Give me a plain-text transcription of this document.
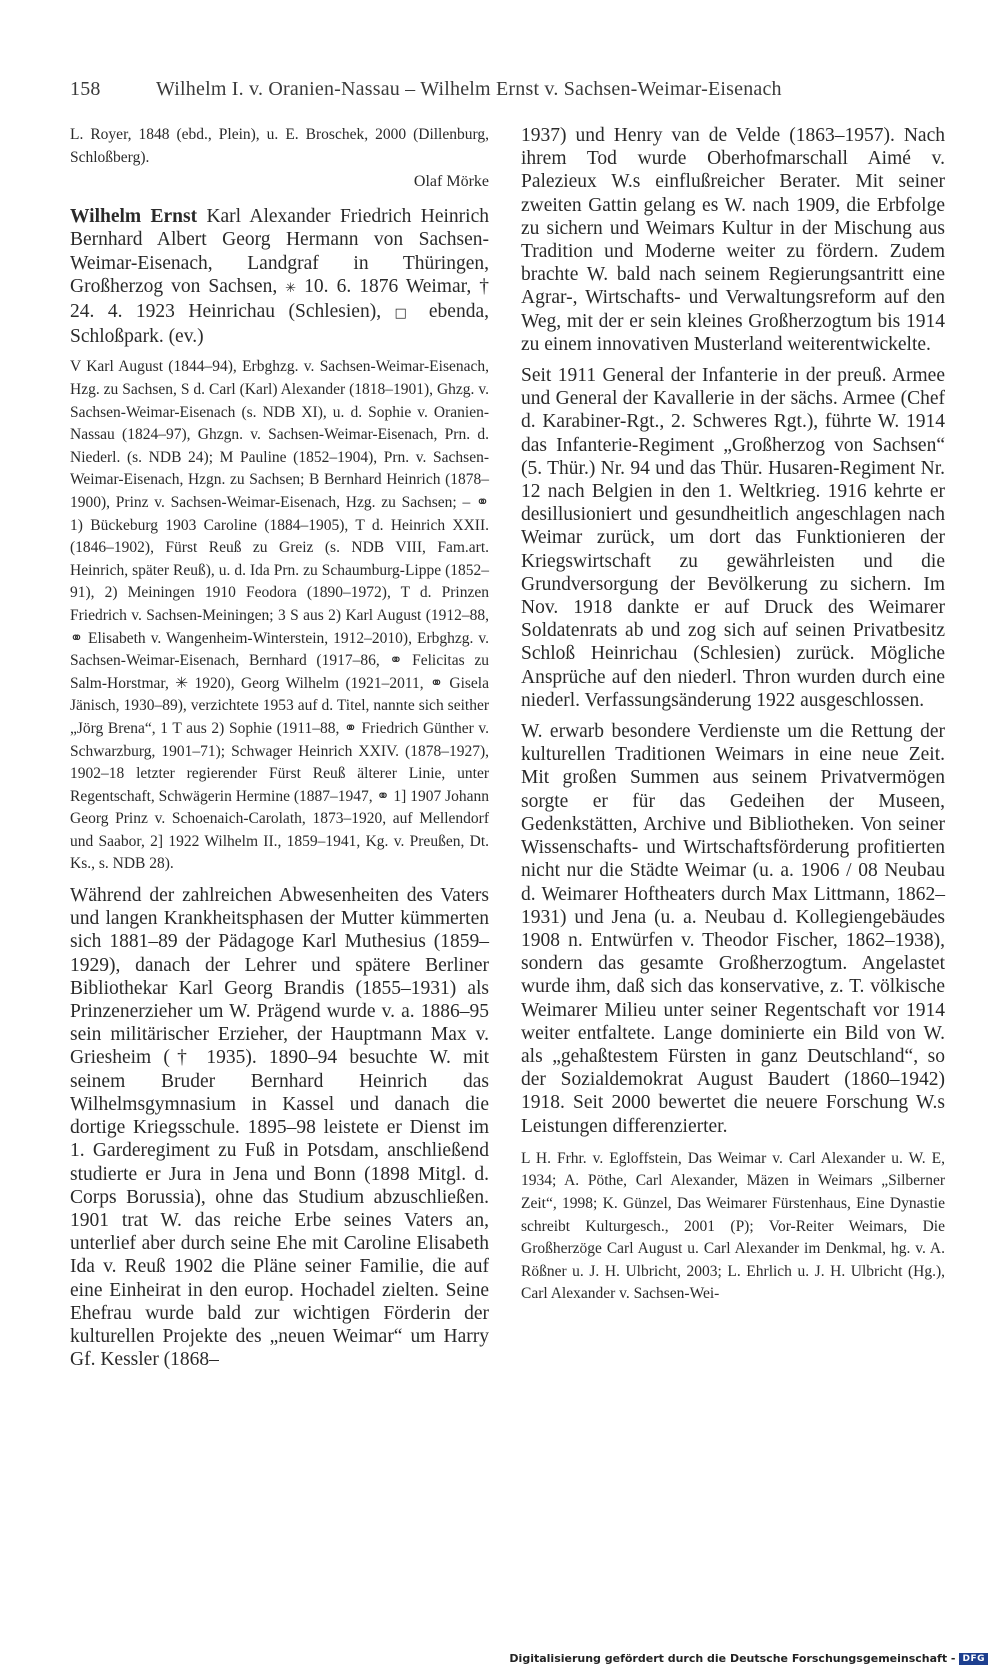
158	Wilhelm I. v. Oranien-Nassau – Wilhelm Ernst v. Sachsen-Weimar-Eisenach

L. Royer, 1848 (ebd., Plein), u. E. Broschek, 2000 (Dillenburg, Schloßberg).

Olaf Mörke

Wilhelm Ernst Karl Alexander Friedrich Heinrich Bernhard Albert Georg Hermann von Sachsen-Weimar-Eisenach, Landgraf in Thüringen, Großherzog von Sachsen, ✳ 10. 6. 1876 Weimar, † 24. 4. 1923 Heinrichau (Schlesien), □ ebenda, Schloßpark. (ev.)

V Karl August (1844–94), Erbghzg. v. Sachsen-Weimar-Eisenach, Hzg. zu Sachsen, S d. Carl (Karl) Alexander (1818–1901), Ghzg. v. Sachsen-Weimar-Eisenach (s. NDB XI), u. d. Sophie v. Oranien-Nassau (1824–97), Ghzgn. v. Sachsen-Weimar-Eisenach, Prn. d. Niederl. (s. NDB 24); M Pauline (1852–1904), Prn. v. Sachsen-Weimar-Eisenach, Hzgn. zu Sachsen; B Bernhard Heinrich (1878–1900), Prinz v. Sachsen-Weimar-Eisenach, Hzg. zu Sachsen; – ⚭ 1) Bückeburg 1903 Caroline (1884–1905), T d. Heinrich XXII. (1846–1902), Fürst Reuß zu Greiz (s. NDB VIII, Fam.art. Heinrich, später Reuß), u. d. Ida Prn. zu Schaumburg-Lippe (1852–91), 2) Meiningen 1910 Feodora (1890–1972), T d. Prinzen Friedrich v. Sachsen-Meiningen; 3 S aus 2) Karl August (1912–88, ⚭ Elisabeth v. Wangenheim-Winterstein, 1912–2010), Erbghzg. v. Sachsen-Weimar-Eisenach, Bernhard (1917–86, ⚭ Felicitas zu Salm-Horstmar, ✳ 1920), Georg Wilhelm (1921–2011, ⚭ Gisela Jänisch, 1930–89), verzichtete 1953 auf d. Titel, nannte sich seither „Jörg Brena“, 1 T aus 2) Sophie (1911–88, ⚭ Friedrich Günther v. Schwarzburg, 1901–71); Schwager Heinrich XXIV. (1878–1927), 1902–18 letzter regierender Fürst Reuß älterer Linie, unter Regentschaft, Schwägerin Hermine (1887–1947, ⚭ 1] 1907 Johann Georg Prinz v. Schoenaich-Carolath, 1873–1920, auf Mellendorf und Saabor, 2] 1922 Wilhelm II., 1859–1941, Kg. v. Preußen, Dt. Ks., s. NDB 28).

Während der zahlreichen Abwesenheiten des Vaters und langen Krankheitsphasen der Mutter kümmerten sich 1881–89 der Pädagoge Karl Muthesius (1859–1929), danach der Lehrer und spätere Berliner Bibliothekar Karl Georg Brandis (1855–1931) als Prinzenerzieher um W. Prägend wurde v. a. 1886–95 sein militärischer Erzieher, der Hauptmann Max v. Griesheim († 1935). 1890–94 besuchte W. mit seinem Bruder Bernhard Heinrich das Wilhelmsgymnasium in Kassel und danach die dortige Kriegsschule. 1895–98 leistete er Dienst im 1. Garderegiment zu Fuß in Potsdam, anschließend studierte er Jura in Jena und Bonn (1898 Mitgl. d. Corps Borussia), ohne das Studium abzuschließen. 1901 trat W. das reiche Erbe seines Vaters an, unterlief aber durch seine Ehe mit Caroline Elisabeth Ida v. Reuß 1902 die Pläne seiner Familie, die auf eine Einheirat in den europ. Hochadel zielten. Seine Ehefrau wurde bald zur wichtigen Förderin der kulturellen Projekte des „neuen Weimar“ um Harry Gf. Kessler (1868–

1937) und Henry van de Velde (1863–1957). Nach ihrem Tod wurde Oberhofmarschall Aimé v. Palezieux W.s einflußreicher Berater. Mit seiner zweiten Gattin gelang es W. nach 1909, die Erbfolge zu sichern und Weimars Kultur in der Mischung aus Tradition und Moderne weiter zu fördern. Zudem brachte W. bald nach seinem Regierungsantritt eine Agrar-, Wirtschafts- und Verwaltungsreform auf den Weg, mit der er sein kleines Großherzogtum bis 1914 zu einem innovativen Musterland weiterentwickelte.

Seit 1911 General der Infanterie in der preuß. Armee und General der Kavallerie in der sächs. Armee (Chef d. Karabiner-Rgt., 2. Schweres Rgt.), führte W. 1914 das Infanterie-Regiment „Großherzog von Sachsen“ (5. Thür.) Nr. 94 und das Thür. Husaren-Regiment Nr. 12 nach Belgien in den 1. Weltkrieg. 1916 kehrte er desillusioniert und gesundheitlich angeschlagen nach Weimar zurück, um dort das Funktionieren der Kriegswirtschaft zu gewährleisten und die Grundversorgung der Bevölkerung zu sichern. Im Nov. 1918 dankte er auf Druck des Weimarer Soldatenrats ab und zog sich auf seinen Privatbesitz Schloß Heinrichau (Schlesien) zurück. Mögliche Ansprüche auf den niederl. Thron wurden durch eine niederl. Verfassungsänderung 1922 ausgeschlossen.

W. erwarb besondere Verdienste um die Rettung der kulturellen Traditionen Weimars in eine neue Zeit. Mit großen Summen aus seinem Privatvermögen sorgte er für das Gedeihen der Museen, Gedenkstätten, Archive und Bibliotheken. Von seiner Wissenschafts- und Wirtschaftsförderung profitierten nicht nur die Städte Weimar (u. a. 1906 / 08 Neubau d. Weimarer Hoftheaters durch Max Littmann, 1862–1931) und Jena (u. a. Neubau d. Kollegiengebäudes 1908 n. Entwürfen v. Theodor Fischer, 1862–1938), sondern das gesamte Großherzogtum. Angelastet wurde ihm, daß sich das konservative, z. T. völkische Weimarer Milieu unter seiner Regentschaft vor 1914 weiter entfaltete. Lange dominierte ein Bild von W. als „gehaßtestem Fürsten in ganz Deutschland“, so der Sozialdemokrat August Baudert (1860–1942) 1918. Seit 2000 bewertet die neuere Forschung W.s Leistungen differenzierter.

L H. Frhr. v. Egloffstein, Das Weimar v. Carl Alexander u. W. E, 1934; A. Pöthe, Carl Alexander, Mäzen in Weimars „Silberner Zeit“, 1998; K. Günzel, Das Weimarer Fürstenhaus, Eine Dynastie schreibt Kulturgesch., 2001 (P); Vor-Reiter Weimars, Die Großherzöge Carl August u. Carl Alexander im Denkmal, hg. v. A. Rößner u. J. H. Ulbricht, 2003; L. Ehrlich u. J. H. Ulbricht (Hg.), Carl Alexander v. Sachsen-Wei-

Digitalisierung gefördert durch die Deutsche Forschungsgemeinschaft - DFG
